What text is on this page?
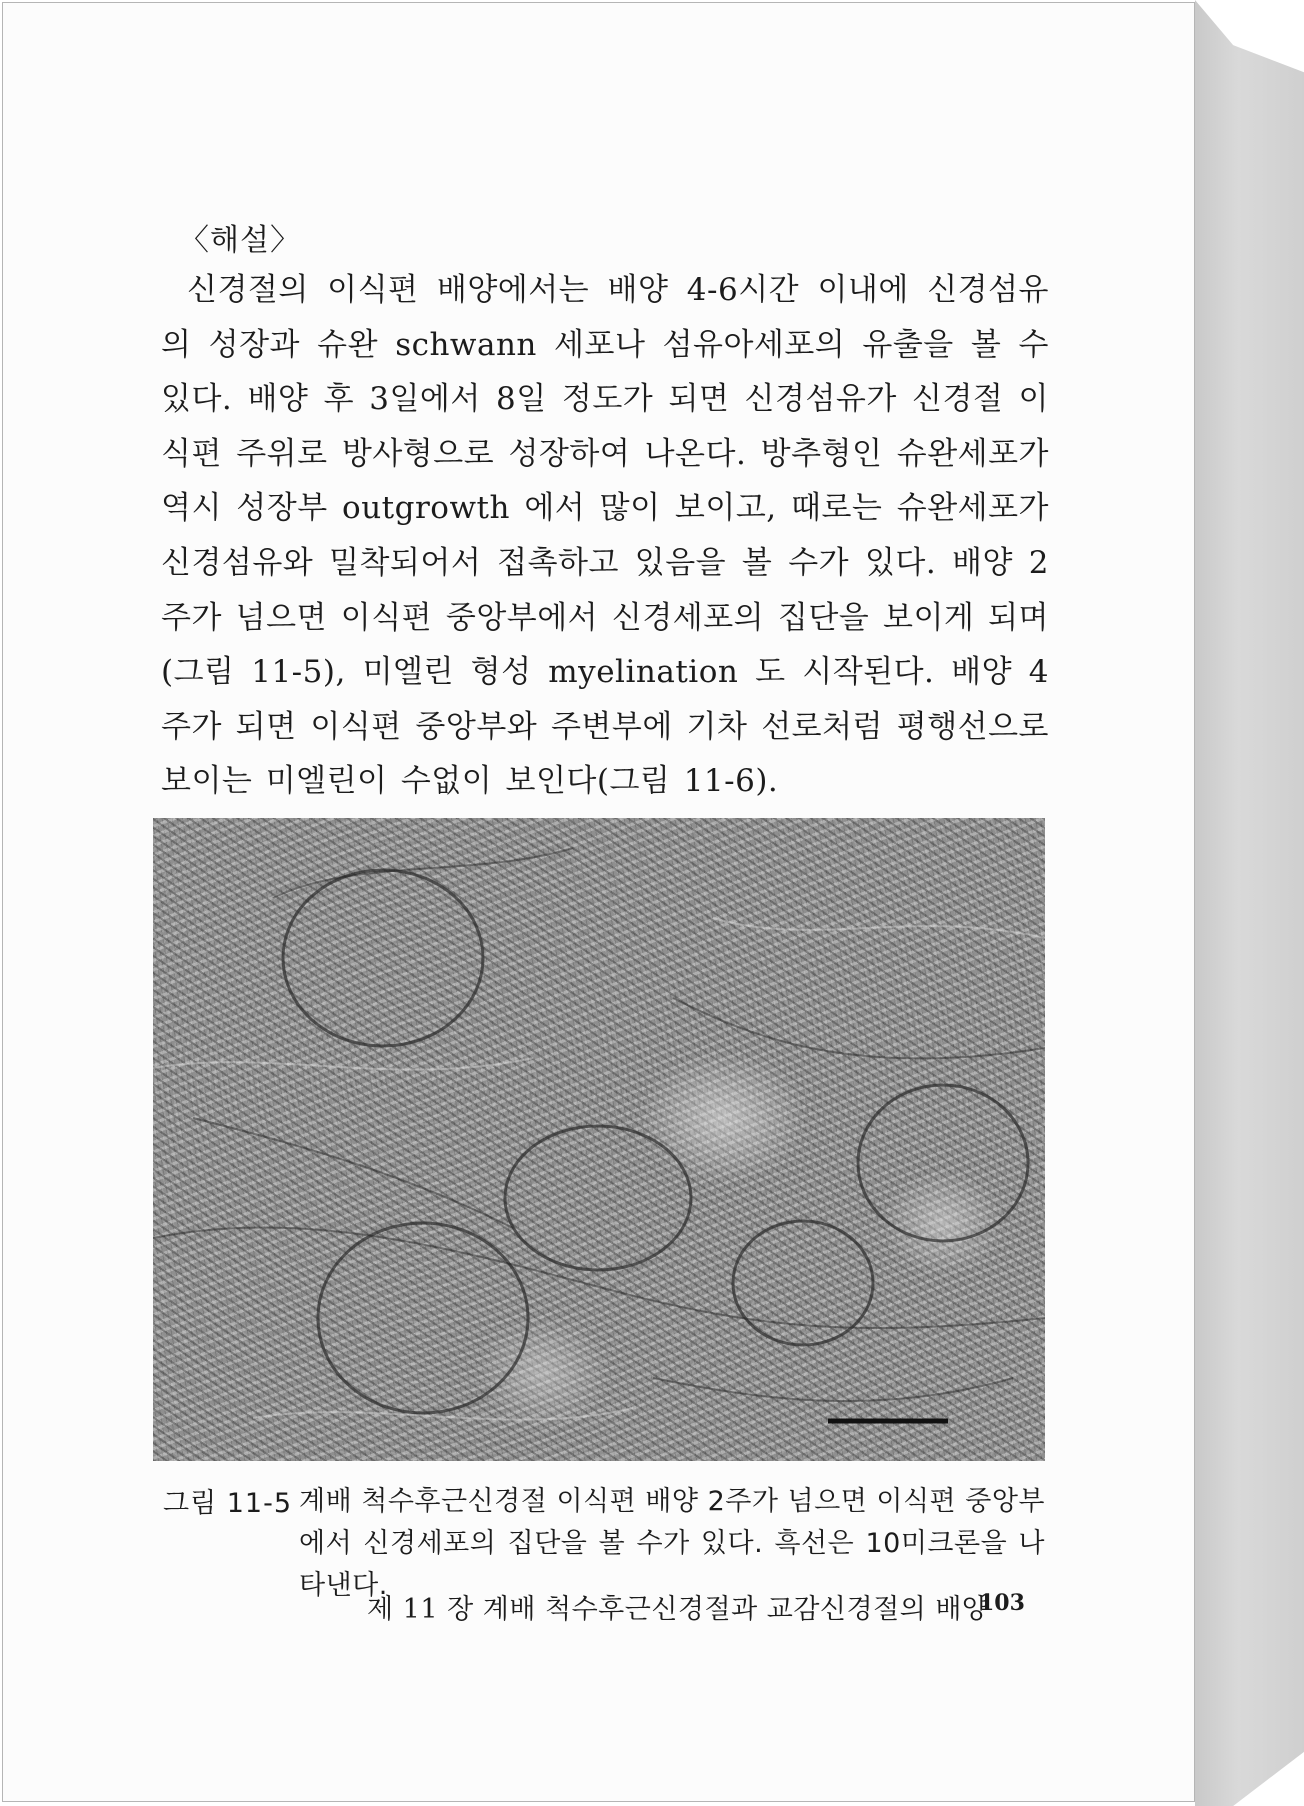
〈해설〉

신경절의 이식편 배양에서는 배양 4-6시간 이내에 신경섬유의 성장과 슈완 schwann 세포나 섬유아세포의 유출을 볼 수 있다. 배양 후 3일에서 8일 정도가 되면 신경섬유가 신경절 이식편 주위로 방사형으로 성장하여 나온다. 방추형인 슈완세포가 역시 성장부 outgrowth 에서 많이 보이고, 때로는 슈완세포가 신경섬유와 밀착되어서 접촉하고 있음을 볼 수가 있다. 배양 2주가 넘으면 이식편 중앙부에서 신경세포의 집단을 보이게 되며(그림 11-5), 미엘린 형성 myelination 도 시작된다. 배양 4주가 되면 이식편 중앙부와 주변부에 기차 선로처럼 평행선으로 보이는 미엘린이 수없이 보인다(그림 11-6).

그림 11-5 계배 척수후근신경절 이식편 배양 2주가 넘으면 이식편 중앙부에서 신경세포의 집단을 볼 수가 있다. 흑선은 10미크론을 나타낸다.

제 11 장 계배 척수후근신경절과 교감신경절의 배양

103
